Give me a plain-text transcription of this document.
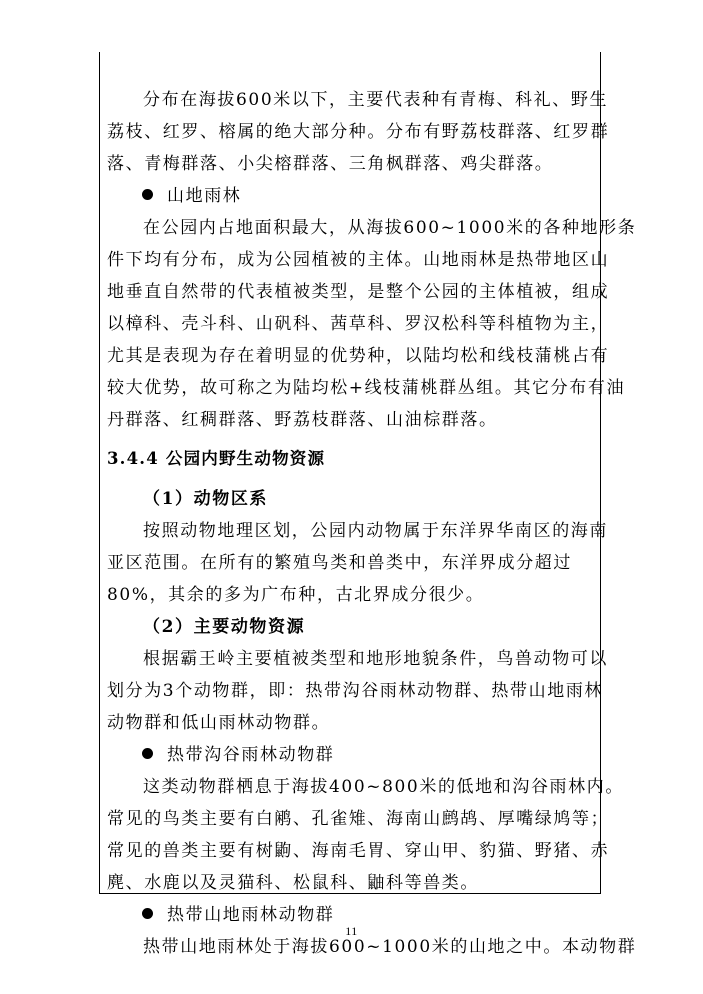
分布在海拔600米以下，主要代表种有青梅、科礼、野生
荔枝、红罗、榕属的绝大部分种。分布有野荔枝群落、红罗群
落、青梅群落、小尖榕群落、三角枫群落、鸡尖群落。
山地雨林
在公园内占地面积最大，从海拔600~1000米的各种地形条
件下均有分布，成为公园植被的主体。山地雨林是热带地区山
地垂直自然带的代表植被类型，是整个公园的主体植被，组成
以樟科、壳斗科、山矾科、茜草科、罗汉松科等科植物为主，
尤其是表现为存在着明显的优势种，以陆均松和线枝蒲桃占有
较大优势，故可称之为陆均松+线枝蒲桃群丛组。其它分布有油
丹群落、红稠群落、野荔枝群落、山油棕群落。
3.4.4 公园内野生动物资源
（1）动物区系
按照动物地理区划，公园内动物属于东洋界华南区的海南
亚区范围。在所有的繁殖鸟类和兽类中，东洋界成分超过
80%，其余的多为广布种，古北界成分很少。
（2）主要动物资源
根据霸王岭主要植被类型和地形地貌条件，鸟兽动物可以
划分为3个动物群，即：热带沟谷雨林动物群、热带山地雨林
动物群和低山雨林动物群。
热带沟谷雨林动物群
这类动物群栖息于海拔400~800米的低地和沟谷雨林内。
常见的鸟类主要有白鹇、孔雀雉、海南山鹧鸪、厚嘴绿鸠等；
常见的兽类主要有树鼩、海南毛胃、穿山甲、豹猫、野猪、赤
麂、水鹿以及灵猫科、松鼠科、鼬科等兽类。
热带山地雨林动物群
热带山地雨林处于海拔600~1000米的山地之中。本动物群
11
